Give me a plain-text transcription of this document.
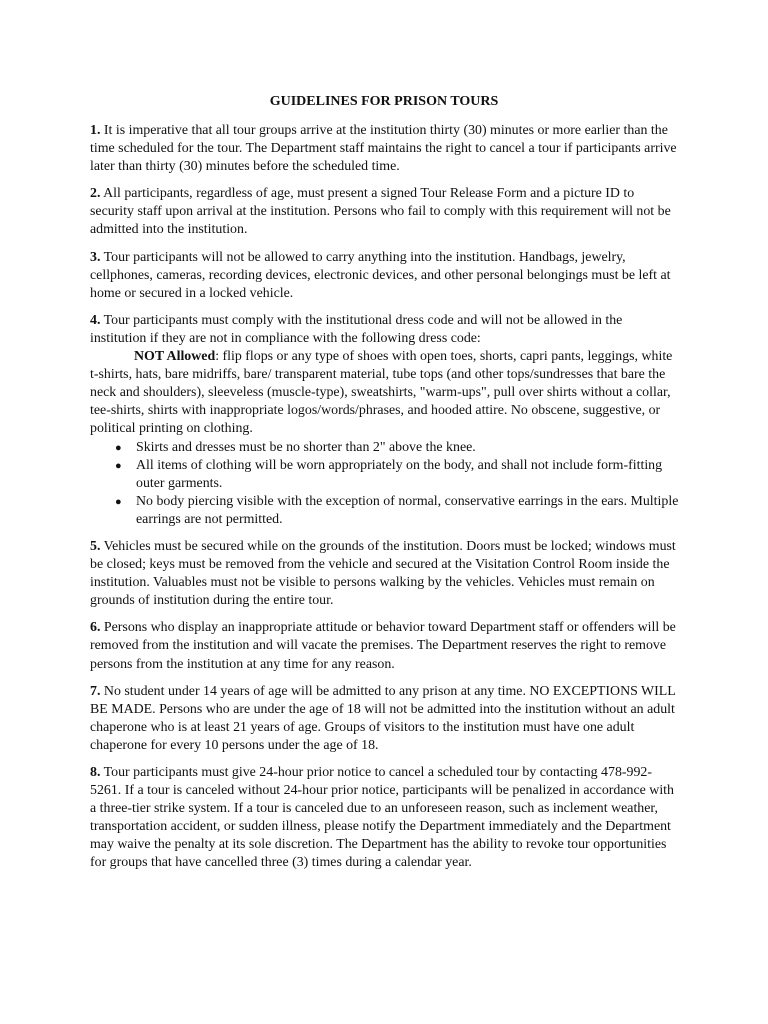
GUIDELINES FOR PRISON TOURS

1. It is imperative that all tour groups arrive at the institution thirty (30) minutes or more earlier than the time scheduled for the tour. The Department staff maintains the right to cancel a tour if participants arrive later than thirty (30) minutes before the scheduled time.

2. All participants, regardless of age, must present a signed Tour Release Form and a picture ID to security staff upon arrival at the institution. Persons who fail to comply with this requirement will not be admitted into the institution.

3. Tour participants will not be allowed to carry anything into the institution. Handbags, jewelry, cellphones, cameras, recording devices, electronic devices, and other personal belongings must be left at home or secured in a locked vehicle.

4. Tour participants must comply with the institutional dress code and will not be allowed in the institution if they are not in compliance with the following dress code:

NOT Allowed: flip flops or any type of shoes with open toes, shorts, capri pants, leggings, white t-shirts, hats, bare midriffs, bare/ transparent material, tube tops (and other tops/sundresses that bare the neck and shoulders), sleeveless (muscle-type), sweatshirts, "warm-ups", pull over shirts without a collar, tee-shirts, shirts with inappropriate logos/words/phrases, and hooded attire. No obscene, suggestive, or political printing on clothing.

● Skirts and dresses must be no shorter than 2" above the knee.
● All items of clothing will be worn appropriately on the body, and shall not include form-fitting outer garments.
● No body piercing visible with the exception of normal, conservative earrings in the ears. Multiple earrings are not permitted.

5. Vehicles must be secured while on the grounds of the institution. Doors must be locked; windows must be closed; keys must be removed from the vehicle and secured at the Visitation Control Room inside the institution. Valuables must not be visible to persons walking by the vehicles. Vehicles must remain on grounds of institution during the entire tour.

6. Persons who display an inappropriate attitude or behavior toward Department staff or offenders will be removed from the institution and will vacate the premises. The Department reserves the right to remove persons from the institution at any time for any reason.

7. No student under 14 years of age will be admitted to any prison at any time. NO EXCEPTIONS WILL BE MADE. Persons who are under the age of 18 will not be admitted into the institution without an adult chaperone who is at least 21 years of age. Groups of visitors to the institution must have one adult chaperone for every 10 persons under the age of 18.

8. Tour participants must give 24-hour prior notice to cancel a scheduled tour by contacting 478-992-5261. If a tour is canceled without 24-hour prior notice, participants will be penalized in accordance with a three-tier strike system. If a tour is canceled due to an unforeseen reason, such as inclement weather, transportation accident, or sudden illness, please notify the Department immediately and the Department may waive the penalty at its sole discretion. The Department has the ability to revoke tour opportunities for groups that have cancelled three (3) times during a calendar year.
